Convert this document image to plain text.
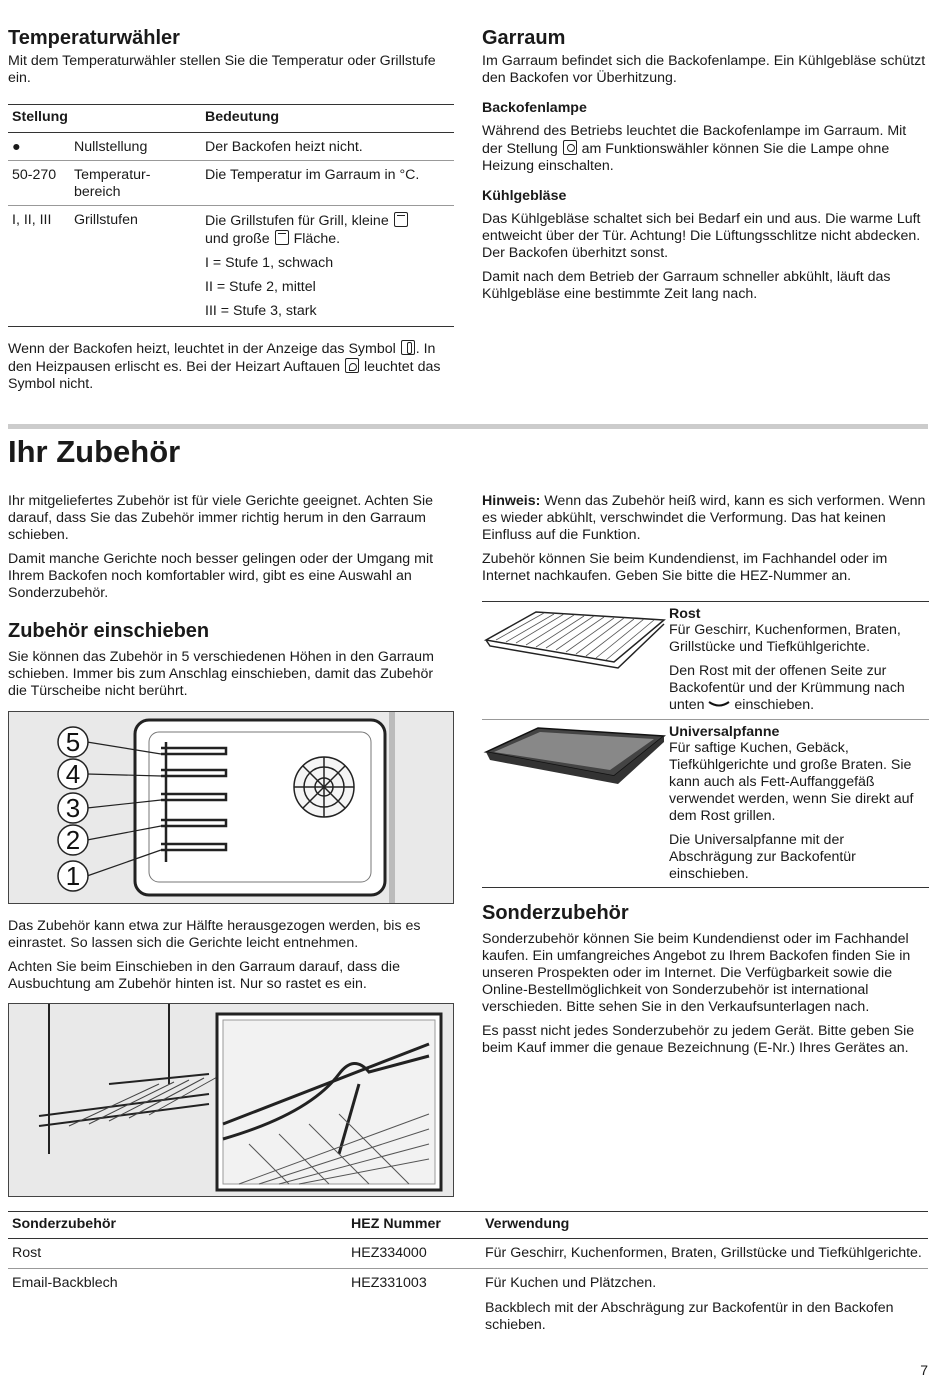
Temperaturwähler

Mit dem Temperaturwähler stellen Sie die Temperatur oder Grillstufe ein.

Stellung		Bedeutung
●	Nullstellung	Der Backofen heizt nicht.
50-270	Temperatur-bereich	Die Temperatur im Garraum in °C.
I, II, III	Grillstufen	Die Grillstufen für Grill, kleine
und große Fläche.
I = Stufe 1, schwach
II = Stufe 2, mittel
III = Stufe 3, stark

Wenn der Backofen heizt, leuchtet in der Anzeige das Symbol . In den Heizpausen erlischt es. Bei der Heizart Auftauen leuchtet das Symbol nicht.

Garraum

Im Garraum befindet sich die Backofenlampe. Ein Kühlgebläse schützt den Backofen vor Überhitzung.

Backofenlampe

Während des Betriebs leuchtet die Backofenlampe im Garraum. Mit der Stellung am Funktionswähler können Sie die Lampe ohne Heizung einschalten.

Kühlgebläse

Das Kühlgebläse schaltet sich bei Bedarf ein und aus. Die warme Luft entweicht über der Tür. Achtung! Die Lüftungsschlitze nicht abdecken. Der Backofen überhitzt sonst.

Damit nach dem Betrieb der Garraum schneller abkühlt, läuft das Kühlgebläse eine bestimmte Zeit lang nach.

Ihr Zubehör

Ihr mitgeliefertes Zubehör ist für viele Gerichte geeignet. Achten Sie darauf, dass Sie das Zubehör immer richtig herum in den Garraum schieben.

Damit manche Gerichte noch besser gelingen oder der Umgang mit Ihrem Backofen noch komfortabler wird, gibt es eine Auswahl an Sonderzubehör.

Zubehör einschieben

Sie können das Zubehör in 5 verschiedenen Höhen in den Garraum schieben. Immer bis zum Anschlag einschieben, damit das Zubehör die Türscheibe nicht berührt.

5
4
3
2
1

Das Zubehör kann etwa zur Hälfte herausgezogen werden, bis es einrastet. So lassen sich die Gerichte leicht entnehmen.

Achten Sie beim Einschieben in den Garraum darauf, dass die Ausbuchtung am Zubehör hinten ist. Nur so rastet es ein.

Hinweis: Wenn das Zubehör heiß wird, kann es sich verformen. Wenn es wieder abkühlt, verschwindet die Verformung. Das hat keinen Einfluss auf die Funktion.

Zubehör können Sie beim Kundendienst, im Fachhandel oder im Internet nachkaufen. Geben Sie bitte die HEZ-Nummer an.

Rost

Für Geschirr, Kuchenformen, Braten, Grillstücke und Tiefkühlgerichte.

Den Rost mit der offenen Seite zur Backofentür und der Krümmung nach unten einschieben.

Universalpfanne

Für saftige Kuchen, Gebäck, Tiefkühlgerichte und große Braten. Sie kann auch als Fett-Auffanggefäß verwendet werden, wenn Sie direkt auf dem Rost grillen.

Die Universalpfanne mit der Abschrägung zur Backofentür einschieben.

Sonderzubehör

Sonderzubehör können Sie beim Kundendienst oder im Fachhandel kaufen. Ein umfangreiches Angebot zu Ihrem Backofen finden Sie in unseren Prospekten oder im Internet. Die Verfügbarkeit sowie die Online-Bestellmöglichkeit von Sonderzubehör ist international verschieden. Bitte sehen Sie in den Verkaufsunterlagen nach.

Es passt nicht jedes Sonderzubehör zu jedem Gerät. Bitte geben Sie beim Kauf immer die genaue Bezeichnung (E-Nr.) Ihres Gerätes an.

Sonderzubehör	HEZ Nummer	Verwendung
Rost	HEZ334000	Für Geschirr, Kuchenformen, Braten, Grillstücke und Tiefkühlgerichte.
Email-Backblech	HEZ331003	Für Kuchen und Plätzchen.
Backblech mit der Abschrägung zur Backofentür in den Backofen schieben.
7
